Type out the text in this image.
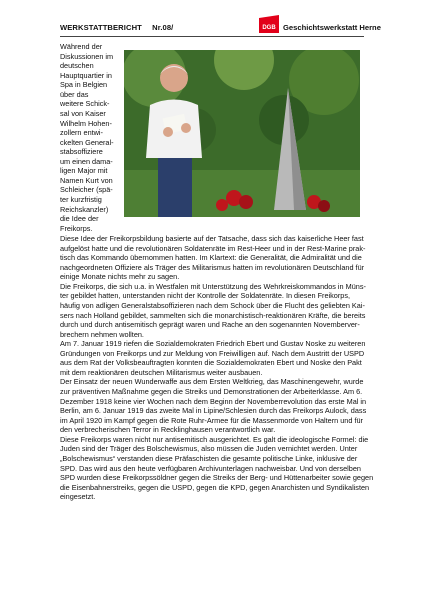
WERKSTATTBERICHT Nr.08/	DGB Geschichtswerkstatt Herne
Während der
Diskussionen im
deutschen
Hauptquartier in
Spa in Belgien
über das
weitere Schick-
sal von Kaiser
Wilhelm Hohen-
zollern entwi-
ckelten General-
stabsoffiziere
um einen dama-
ligen Major mit
Namen Kurt von
Schleicher (spä-
ter kurzfristig
Reichskanzler)
die Idee der Freikorps.

Diese Idee der Freikorpsbildung basierte auf der Tatsache, dass sich das kaiserliche Heer fast
aufgelöst hatte und die revolutionären Soldatenräte im Rest-Heer und in der Rest-Marine prak-
tisch das Kommando übernommen hatten. Im Klartext: die Generalität, die Admiralität und die
nachgeordneten Offiziere als Träger des Militarismus hatten im revolutionären Deutschland für
einige Monate nichts mehr zu sagen.

Die Freikorps, die sich u.a. in Westfalen mit Unterstützung des Wehrkreiskommandos in Müns-
ter gebildet hatten, unterstanden nicht der Kontrolle der Soldatenräte. In diesen Freikorps,
häufig von adligen Generalstabsoffizieren nach dem Schock über die Flucht des geliebten Kai-
sers nach Holland gebildet, sammelten sich die monarchistisch-reaktionären Kräfte, die bereits
durch und durch antisemitisch geprägt waren und Rache an den sogenannten Novemberver-
brechern nehmen wollten.

Am 7. Januar 1919 riefen die Sozialdemokraten Friedrich Ebert und Gustav Noske zu weiteren
Gründungen von Freikorps und zur Meldung von Freiwilligen auf. Nach dem Austritt der USPD
aus dem Rat der Volksbeauftragten konnten die Sozialdemokraten Ebert und Noske den Pakt
mit dem reaktionären deutschen Militarismus weiter ausbauen.

Der Einsatz der neuen Wunderwaffe aus dem Ersten Weltkrieg, das Maschinengewehr, wurde
zur präventiven Maßnahme gegen die Streiks und Demonstrationen der Arbeiterklasse. Am 6.
Dezember 1918 keine vier Wochen nach dem Beginn der Novemberrevolution das erste Mal in
Berlin, am 6. Januar 1919 das zweite Mal in Lipine/Schlesien durch das Freikorps Aulock, dass
im April 1920 im Kampf gegen die Rote Ruhr-Armee für die Massenmorde von Haltern und für
den verbrecherischen Terror in Recklinghausen verantwortlich war.

Diese Freikorps waren nicht nur antisemitisch ausgerichtet. Es galt die ideologische Formel: die
Juden sind der Träger des Bolschewismus, also müssen die Juden vernichtet werden. Unter
„Bolschewismus“ verstanden diese Präfaschisten die gesamte politische Linke, inklusive der
SPD. Das wird aus den heute verfügbaren Archivunterlagen nachweisbar. Und von derselben
SPD wurden diese Freikorpssöldner gegen die Streiks der Berg- und Hüttenarbeiter sowie gegen
die Eisenbahnerstreiks, gegen die USPD, gegen die KPD, gegen Anarchisten und Syndikalisten
eingesetzt.
